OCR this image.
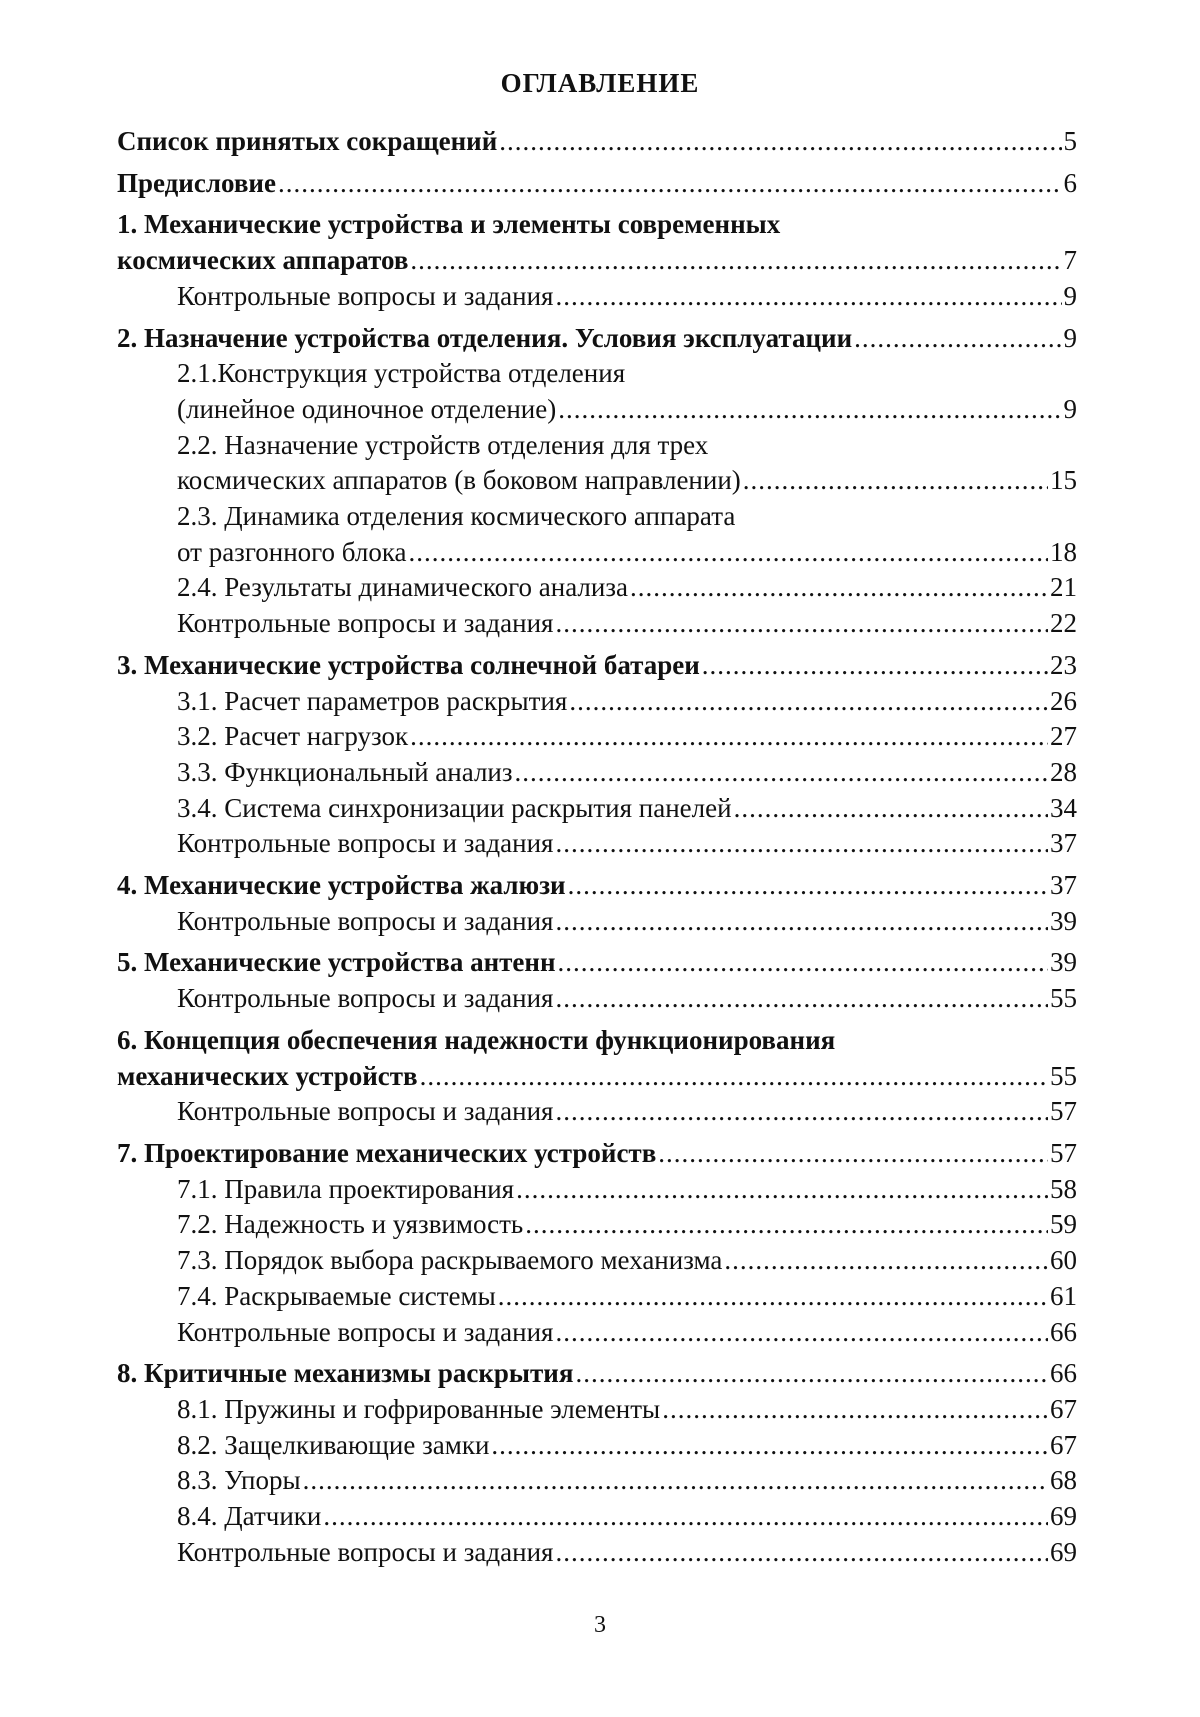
ОГЛАВЛЕНИЕ
Список принятых сокращений .....	5
Предисловие .....	6
1. Механические устройства и элементы современных
космических аппаратов .....	7
Контрольные вопросы и задания .....	9
2. Назначение устройства отделения. Условия эксплуатации .....	9
2.1.Конструкция устройства отделения
(линейное одиночное отделение) .....	9
2.2. Назначение устройств отделения для трех
космических аппаратов (в боковом направлении) .....	15
2.3. Динамика отделения космического аппарата
от разгонного блока .....	18
2.4. Результаты динамического анализа .....	21
Контрольные вопросы и задания .....	22
3. Механические устройства солнечной батареи .....	23
3.1. Расчет параметров раскрытия .....	26
3.2. Расчет нагрузок .....	27
3.3. Функциональный анализ .....	28
3.4. Система синхронизации раскрытия панелей .....	34
Контрольные вопросы и задания .....	37
4. Механические устройства жалюзи .....	37
Контрольные вопросы и задания .....	39
5. Механические устройства антенн .....	39
Контрольные вопросы и задания .....	55
6. Концепция обеспечения надежности функционирования
механических устройств .....	55
Контрольные вопросы и задания .....	57
7. Проектирование механических устройств .....	57
7.1. Правила проектирования .....	58
7.2. Надежность и уязвимость .....	59
7.3. Порядок выбора раскрываемого механизма .....	60
7.4. Раскрываемые системы .....	61
Контрольные вопросы и задания .....	66
8. Критичные механизмы раскрытия .....	66
8.1. Пружины и гофрированные элементы .....	67
8.2. Защелкивающие замки .....	67
8.3. Упоры .....	68
8.4. Датчики .....	69
Контрольные вопросы и задания .....	69
3
